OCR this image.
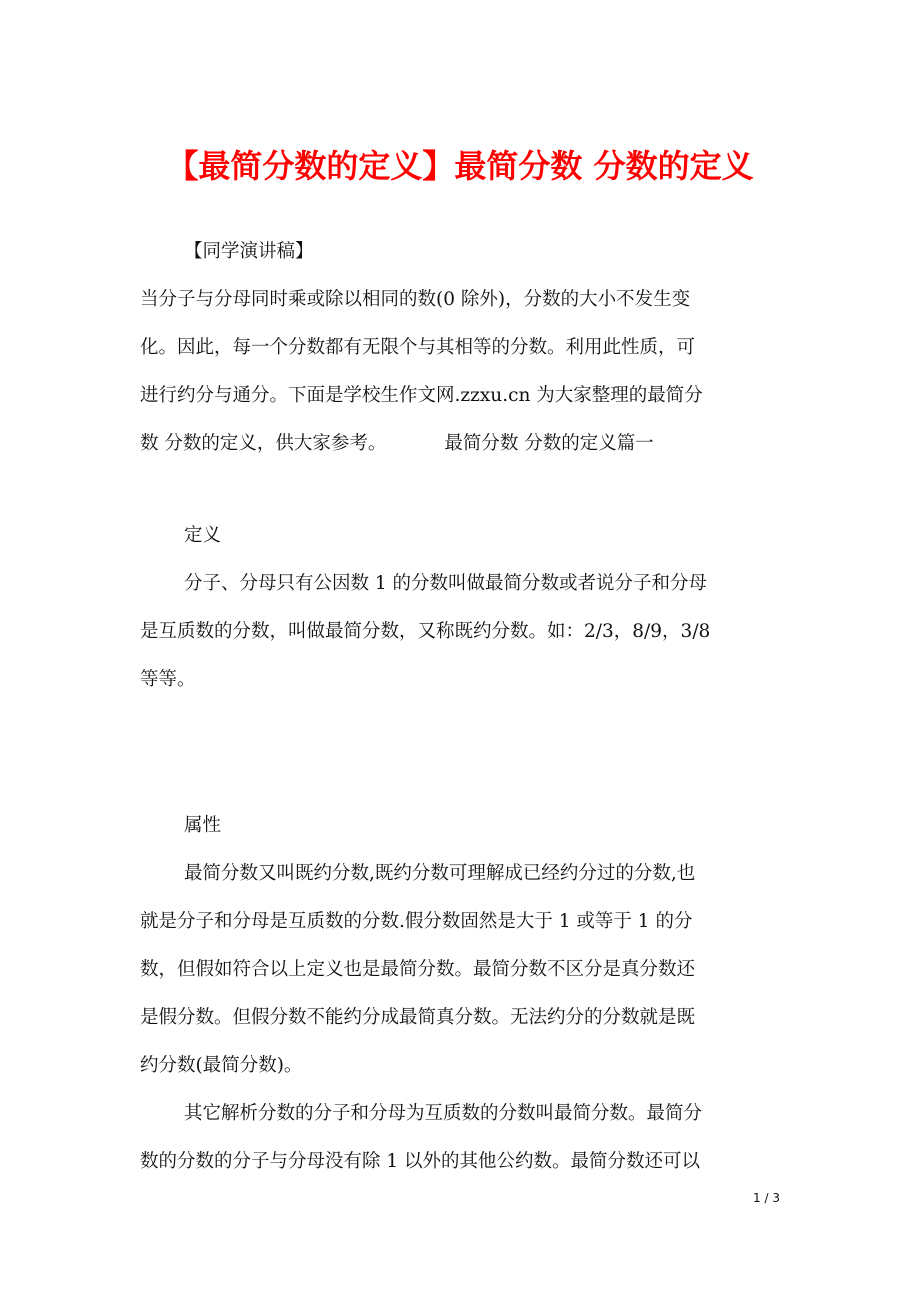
【最简分数的定义】最简分数 分数的定义
【同学演讲稿】
当分子与分母同时乘或除以相同的数(0 除外)，分数的大小不发生变
化。因此，每一个分数都有无限个与其相等的分数。利用此性质，可
进行约分与通分。下面是学校生作文网.zzxu.cn 为大家整理的最简分
数 分数的定义，供大家参考。	最简分数 分数的定义篇一
定义
分子、分母只有公因数 1 的分数叫做最简分数或者说分子和分母
是互质数的分数，叫做最简分数，又称既约分数。如：2/3，8/9，3/8
等等。
属性
最简分数又叫既约分数,既约分数可理解成已经约分过的分数,也
就是分子和分母是互质数的分数.假分数固然是大于 1 或等于 1 的分
数，但假如符合以上定义也是最简分数。最简分数不区分是真分数还
是假分数。但假分数不能约分成最简真分数。无法约分的分数就是既
约分数(最简分数)。
其它解析分数的分子和分母为互质数的分数叫最简分数。最简分
数的分数的分子与分母没有除 1 以外的其他公约数。最简分数还可以
1 / 3
